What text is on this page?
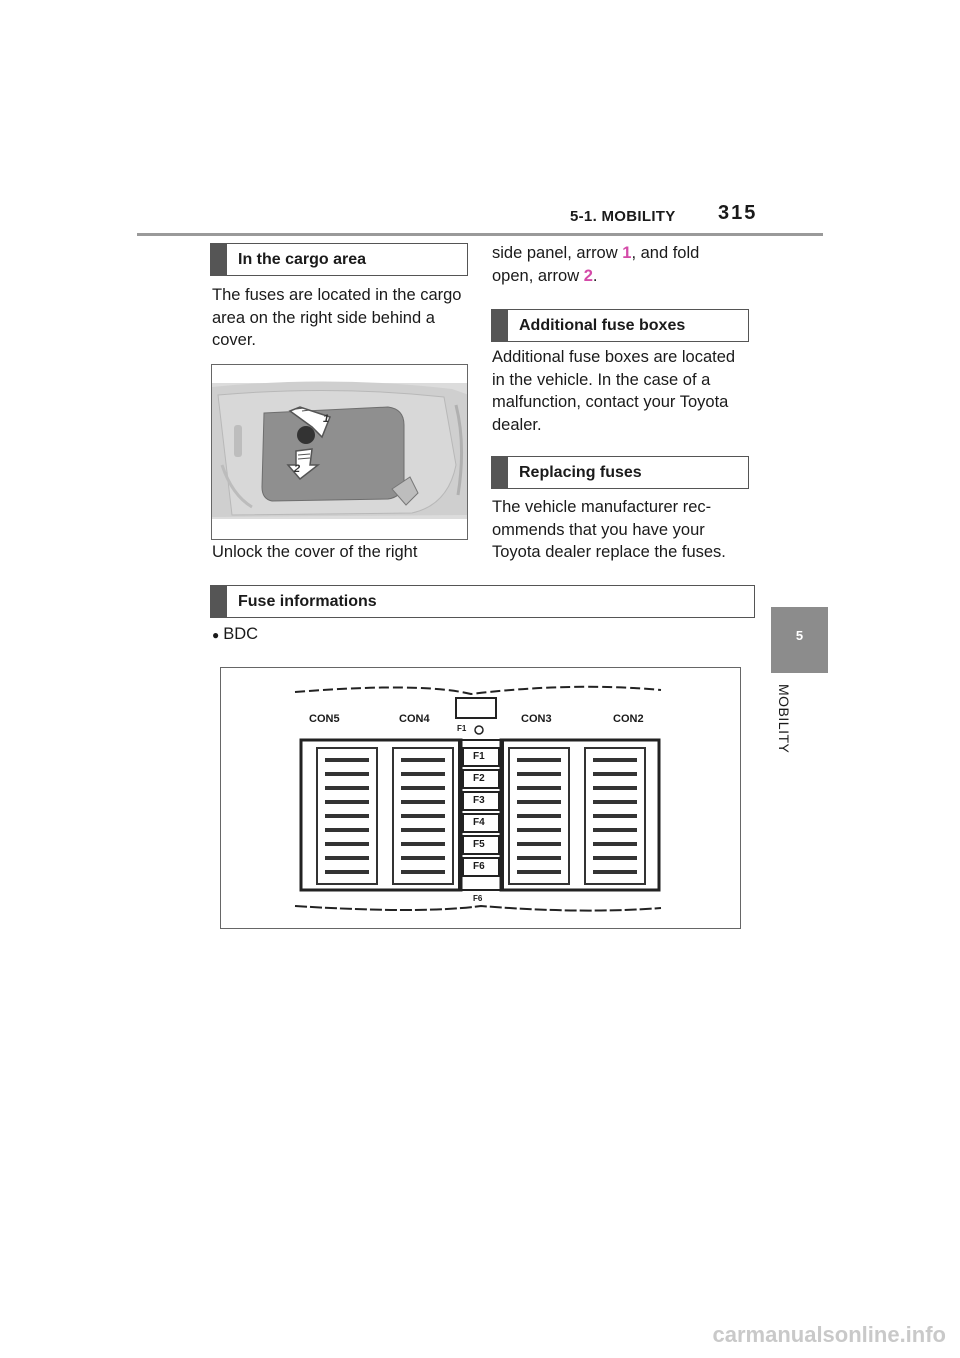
5-1. MOBILITY 315
5
MOBILITY
In the cargo area
The fuses are located in the cargo area on the right side behind a cover.
1
2
Unlock the cover of the right
side panel, arrow 1, and fold open, arrow 2.
Additional fuse boxes
Additional fuse boxes are located in the vehicle. In the case of a malfunction, contact your Toyota dealer.
Replacing fuses
The vehicle manufacturer rec-ommends that you have your Toyota dealer replace the fuses.
Fuse informations
● BDC
CON5	CON4	CON3	CON2
F1
F1
F2
F3
F4
F5
F6
F6
carmanualsonline.info
